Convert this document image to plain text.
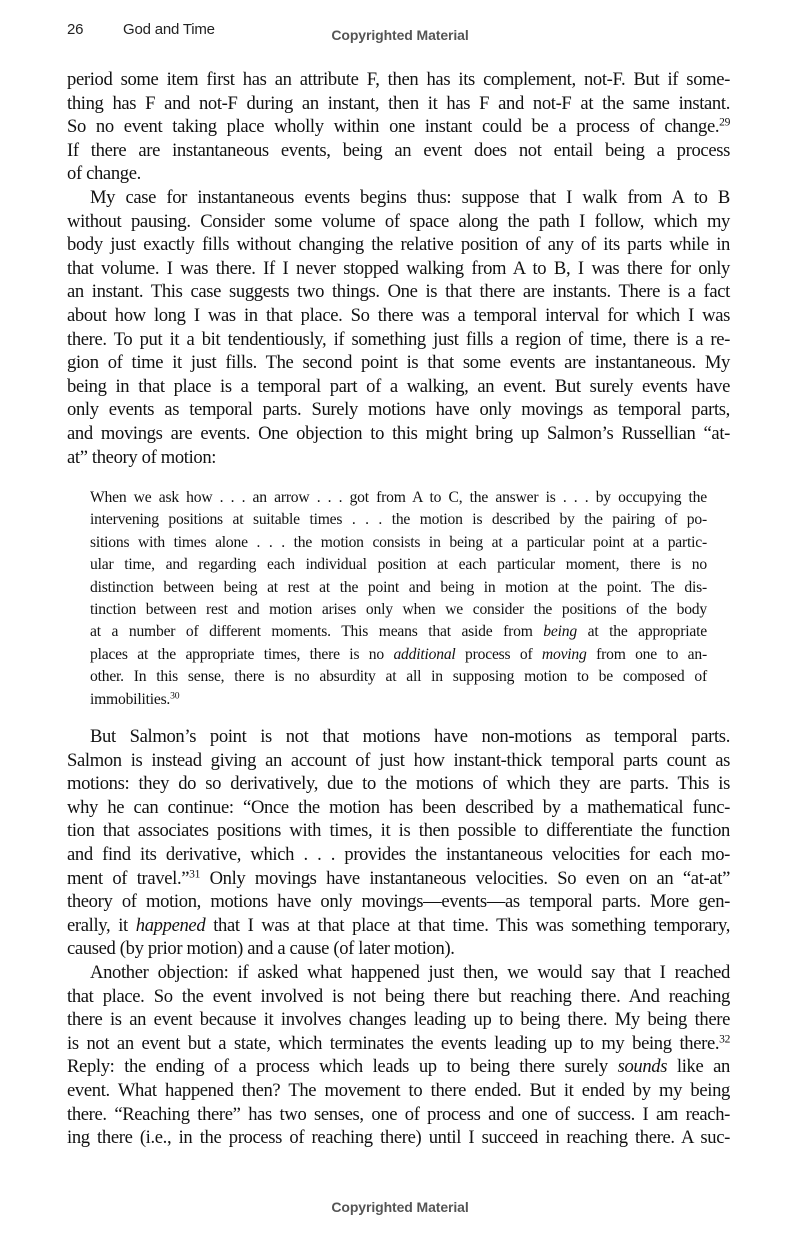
26	God and Time	Copyrighted Material
period some item first has an attribute F, then has its complement, not-F. But if some-
thing has F and not-F during an instant, then it has F and not-F at the same instant.
So no event taking place wholly within one instant could be a process of change.$^{29}$
If there are instantaneous events, being an event does not entail being a process
of change.
My case for instantaneous events begins thus: suppose that I walk from A to B
without pausing. Consider some volume of space along the path I follow, which my
body just exactly fills without changing the relative position of any of its parts while in
that volume. I was there. If I never stopped walking from A to B, I was there for only
an instant. This case suggests two things. One is that there are instants. There is a fact
about how long I was in that place. So there was a temporal interval for which I was
there. To put it a bit tendentiously, if something just fills a region of time, there is a re-
gion of time it just fills. The second point is that some events are instantaneous. My
being in that place is a temporal part of a walking, an event. But surely events have
only events as temporal parts. Surely motions have only movings as temporal parts,
and movings are events. One objection to this might bring up Salmon’s Russellian “at-
at” theory of motion:
When we ask how . . . an arrow . . . got from A to C, the answer is . . . by occupying the
intervening positions at suitable times . . . the motion is described by the pairing of po-
sitions with times alone . . . the motion consists in being at a particular point at a partic-
ular time, and regarding each individual position at each particular moment, there is no
distinction between being at rest at the point and being in motion at the point. The dis-
tinction between rest and motion arises only when we consider the positions of the body
at a number of different moments. This means that aside from being at the appropriate
places at the appropriate times, there is no additional process of moving from one to an-
other. In this sense, there is no absurdity at all in supposing motion to be composed of
immobilities.$^{30}$
But Salmon’s point is not that motions have non-motions as temporal parts.
Salmon is instead giving an account of just how instant-thick temporal parts count as
motions: they do so derivatively, due to the motions of which they are parts. This is
why he can continue: “Once the motion has been described by a mathematical func-
tion that associates positions with times, it is then possible to differentiate the function
and find its derivative, which . . . provides the instantaneous velocities for each mo-
ment of travel.”$^{31}$ Only movings have instantaneous velocities. So even on an “at-at”
theory of motion, motions have only movings—events—as temporal parts. More gen-
erally, it happened that I was at that place at that time. This was something temporary,
caused (by prior motion) and a cause (of later motion).
Another objection: if asked what happened just then, we would say that I reached
that place. So the event involved is not being there but reaching there. And reaching
there is an event because it involves changes leading up to being there. My being there
is not an event but a state, which terminates the events leading up to my being there.$^{32}$
Reply: the ending of a process which leads up to being there surely sounds like an
event. What happened then? The movement to there ended. But it ended by my being
there. “Reaching there” has two senses, one of process and one of success. I am reach-
ing there (i.e., in the process of reaching there) until I succeed in reaching there. A suc-
Copyrighted Material
